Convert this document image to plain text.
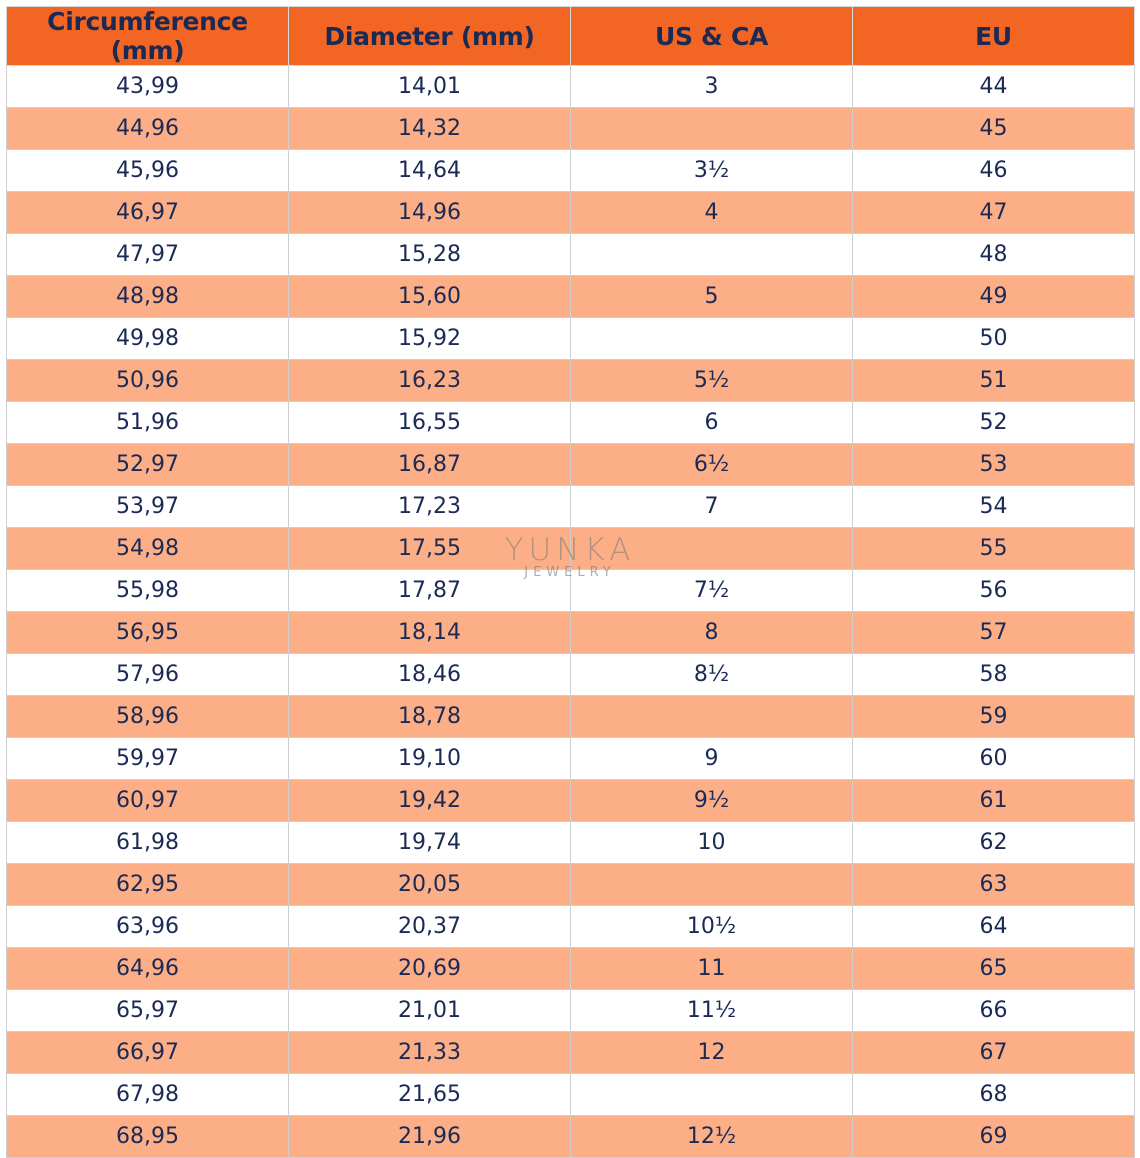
Circumference (mm)	Diameter (mm)	US & CA	EU
43,99	14,01	3	44
44,96	14,32		45
45,96	14,64	3½	46
46,97	14,96	4	47
47,97	15,28		48
48,98	15,60	5	49
49,98	15,92		50
50,96	16,23	5½	51
51,96	16,55	6	52
52,97	16,87	6½	53
53,97	17,23	7	54
54,98	17,55		55
55,98	17,87	7½	56
56,95	18,14	8	57
57,96	18,46	8½	58
58,96	18,78		59
59,97	19,10	9	60
60,97	19,42	9½	61
61,98	19,74	10	62
62,95	20,05		63
63,96	20,37	10½	64
64,96	20,69	11	65
65,97	21,01	11½	66
66,97	21,33	12	67
67,98	21,65		68
68,95	21,96	12½	69
YUNKA
JEWELRY
